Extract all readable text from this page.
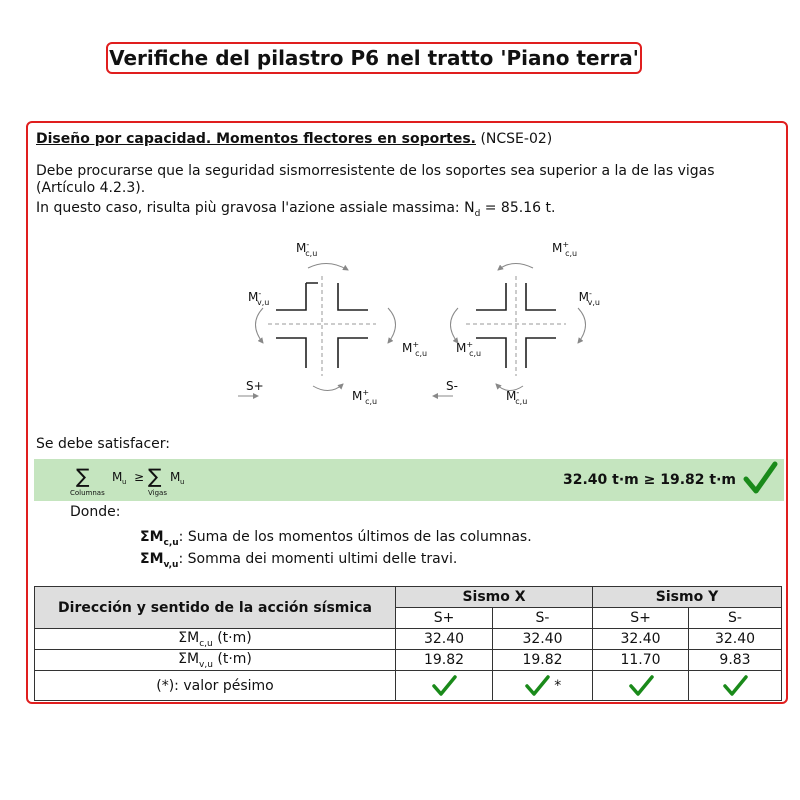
Verifiche del pilastro P6 nel tratto 'Piano terra'
Diseño por capacidad. Momentos flectores en soportes. (NCSE-02)
Debe procurarse que la seguridad sismorresistente de los soportes sea superior a la de las vigas (Artículo 4.2.3).
In questo caso, risulta più gravosa l'azione assiale massima: $N_d = 85.16$ t.
M-c,u
M-v,u
M+ c,u
M+ c,u
S+
M+ c,u
M-v,u
M+ c,u
M-c,u
S-
Se debe satisfacer:
∑
Columnas
M u ≥ ∑
Vigas
M u	32.40 t·m ≥ 19.82 t·m
Donde:
$\Sigma M_{c,u}$: Suma de los momentos últimos de las columnas.
$\Sigma M_{v,u}$: Somma dei momenti ultimi delle travi.
Dirección y sentido de la acción sísmica	Sismo X		Sismo Y	
	S+	S-	S+	S-
$\Sigma M_{c,u}$ (t·m)	32.40	32.40	32.40	32.40
$\Sigma M_{v,u}$ (t·m)	19.82	19.82	11.70	9.83
(*): valor pésimo		*		
